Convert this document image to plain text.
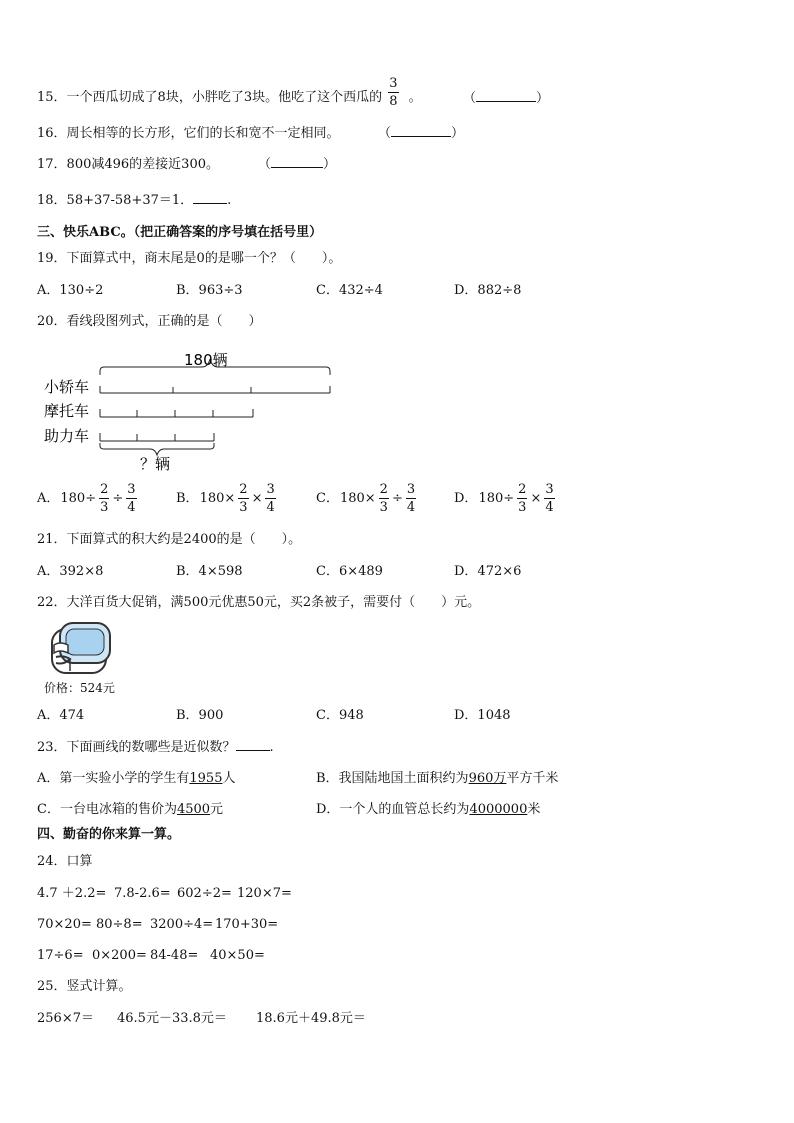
15．一个西瓜切成了8块，小胖吃了3块。他吃了这个西瓜的 $\frac{3}{8}$ 。	（	）
16．周长相等的长方形，它们的长和宽不一定相同。	（	）
17．800减496的差接近300。	（	）
18．58+37-58+37＝1．	.
三、快乐ABC。（把正确答案的序号填在括号里）
19．下面算式中，商末尾是0的是哪一个？（　　）。
A．130÷2	B．963÷3	C．432÷4	D．882÷8
20．看线段图列式，正确的是（　　）
180辆
小轿车
摩托车
助力车
？辆
A．$180\div \frac{2}{3} \div \frac{3}{4}$	B．$180\times \frac{2}{3} \times \frac{3}{4}$	C．$180\times \frac{2}{3} \div \frac{3}{4}$	D．$180\div \frac{2}{3} \times \frac{3}{4}$
21．下面算式的积大约是2400的是（　　）。
A．392×8	B．4×598	C．6×489	D．472×6
22．大洋百货大促销，满500元优惠50元，买2条被子，需要付（　　）元。
价格：524元
A．474	B．900	C．948	D．1048
23．下面画线的数哪些是近似数？	.
A．第一实验小学的学生有1955人	B．我国陆地国土面积约为960万平方千米
C．一台电冰箱的售价为4500元	D．一个人的血管总长约为4000000米
四、勤奋的你来算一算。
24．口算
4.7 ＋2.2= 7.8-2.6= 602÷2= 120×7=
70×20= 80÷8= 3200÷4= 170+30=
17÷6= 0×200= 84-48= 40×50=
25．竖式计算。
256×7＝ 46.5元－33.8元＝ 18.6元＋49.8元＝
